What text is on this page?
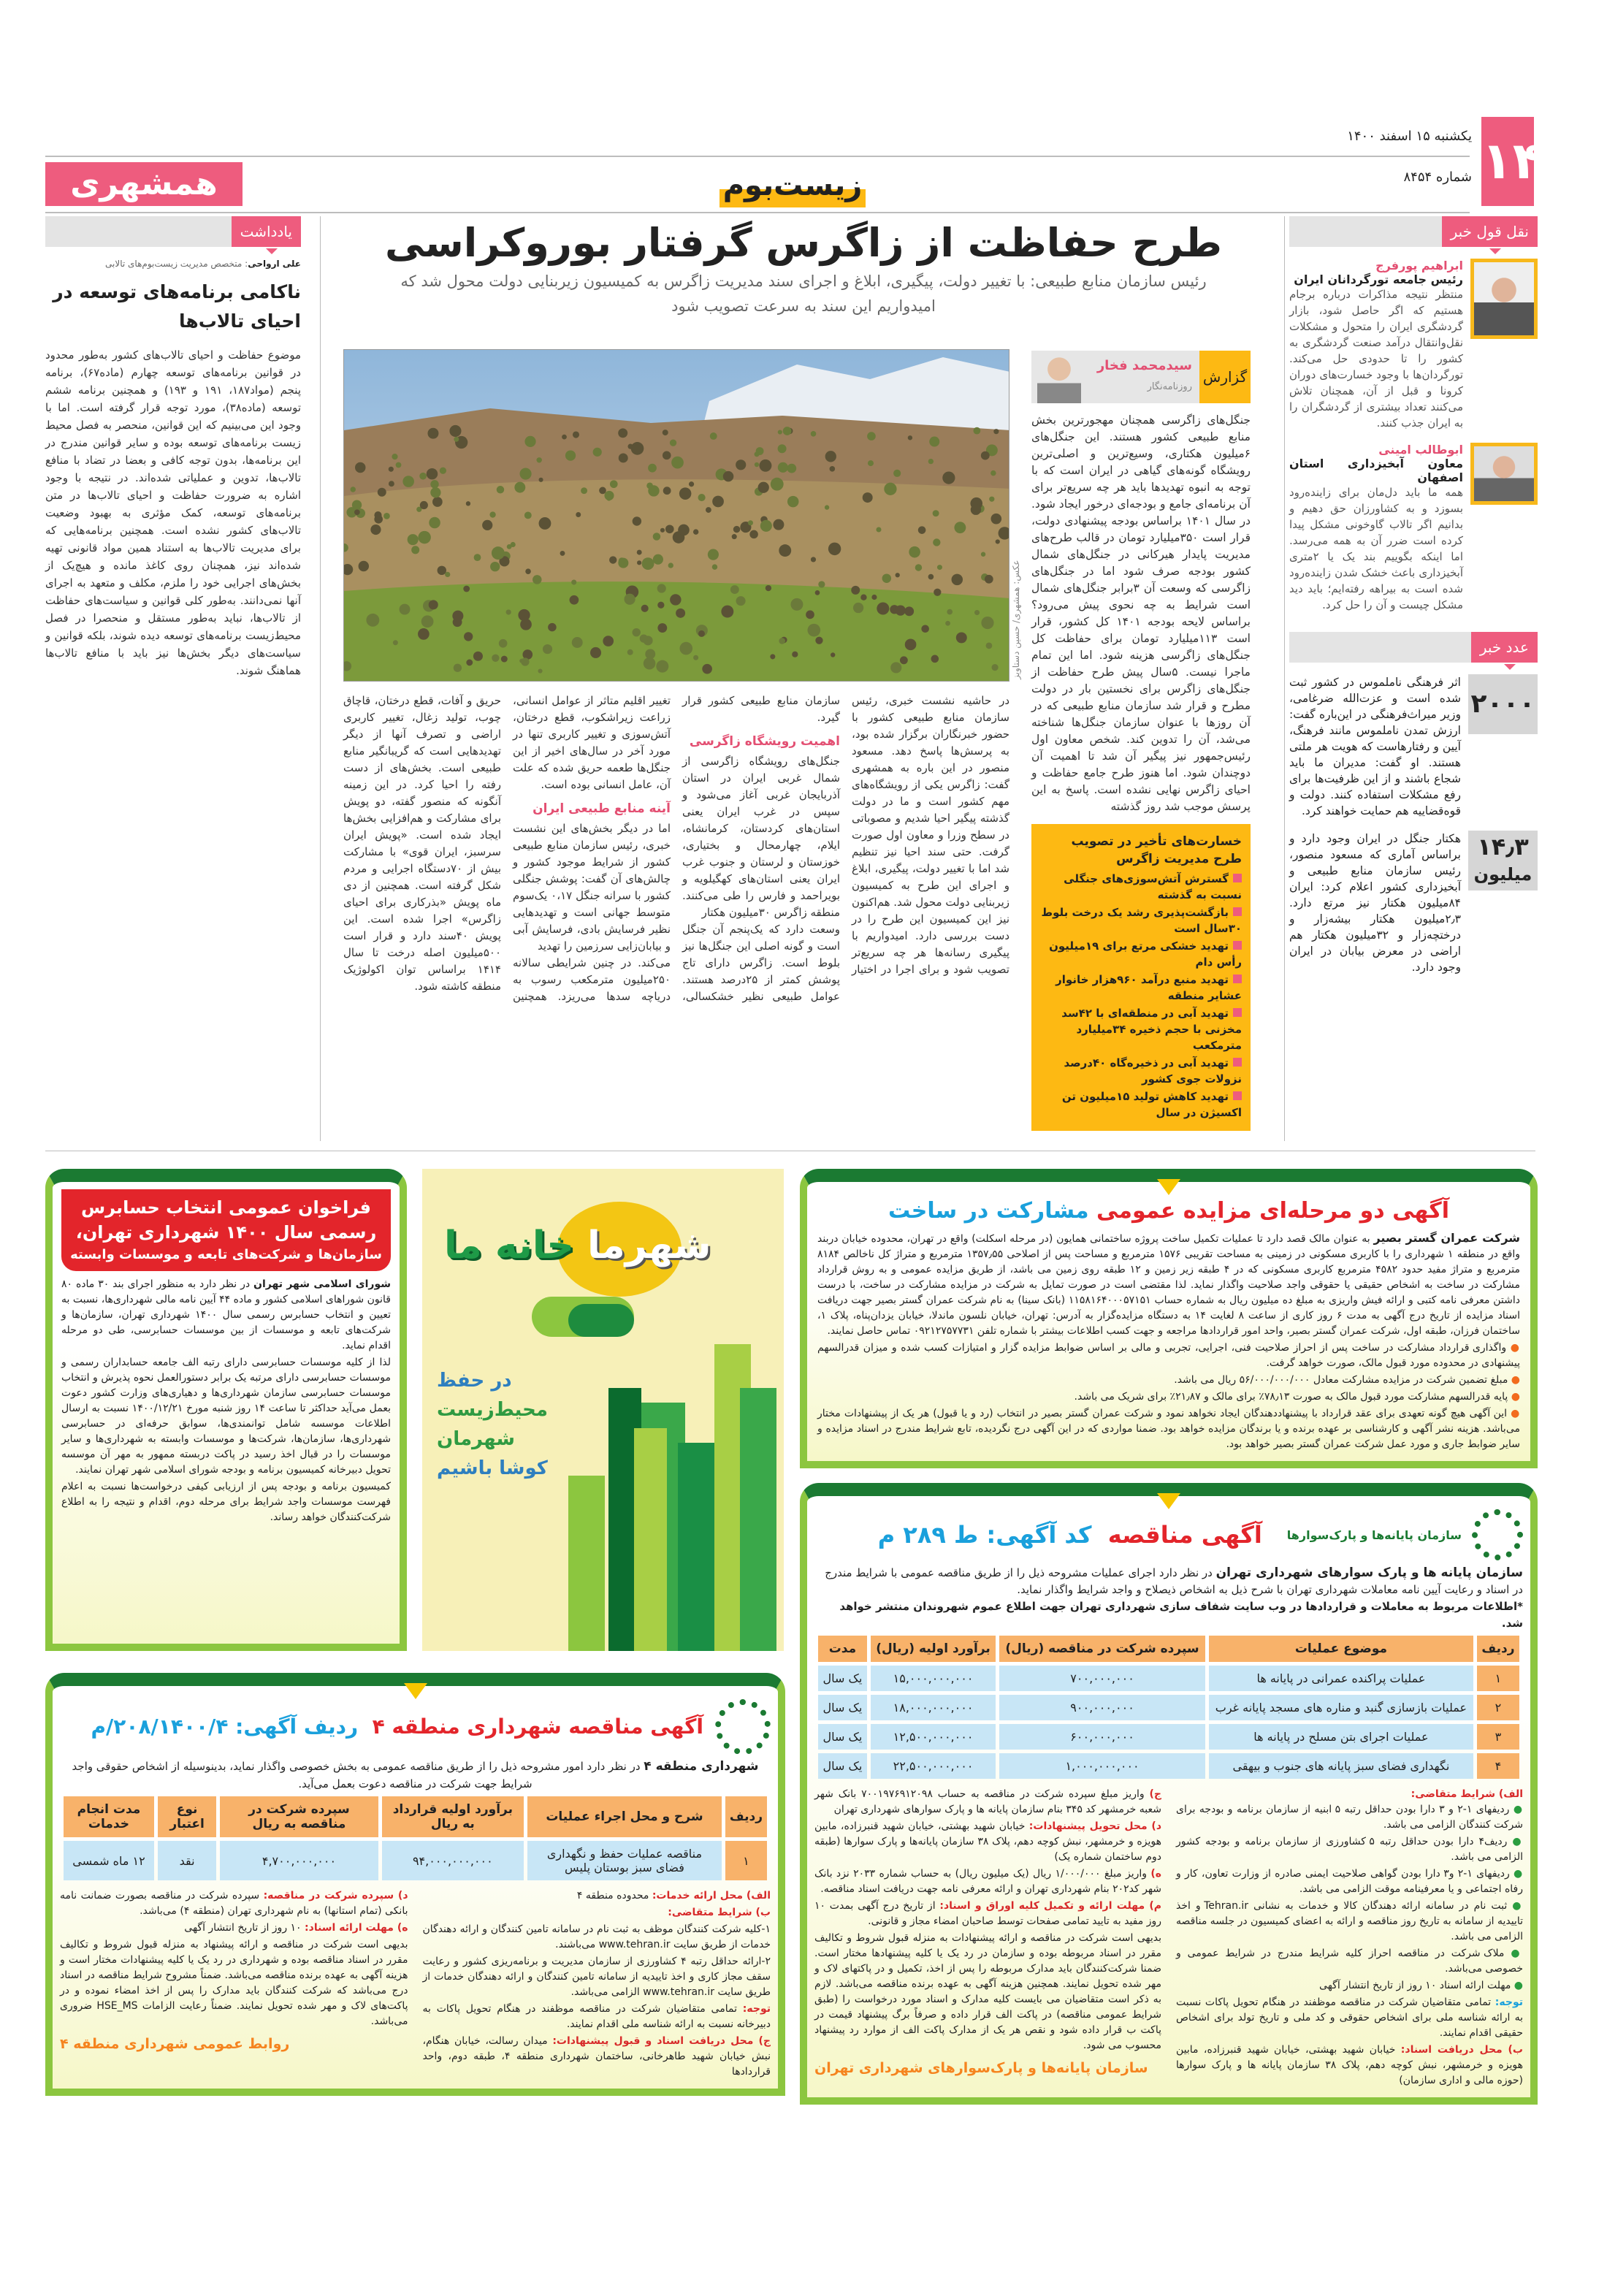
۱۴
یکشنبه ۱۵ اسفند ۱۴۰۰
شماره ۸۴۵۴
همشهری	زیست‌بوم
نقل قول خبر
ابراهیم پورفرج
رئیس جامعه تورگردانان ایران
منتظر نتیجه مذاکرات درباره برجام هستیم که اگر حاصل شود، بازار گردشگری ایران را متحول و مشکلات نقل‌وانتقال درآمد صنعت گردشگری به کشور را تا حدودی حل می‌کند. تورگردان‌ها با وجود خسارت‌های دوران کرونا و قبل از آن، همچنان تلاش می‌کنند تعداد بیشتری از گردشگران را به ایران جذب کنند.
ابوطالب امینی
معاون آبخیزداری استان اصفهان
همه ما باید دل‌مان برای زاینده‌رود بسوزد و به کشاورزان حق دهیم و بدانیم اگر تالاب گاوخونی مشکل پیدا کرده است ضرر آن به همه می‌رسد. اما اینکه بگوییم بند یک یا ۲متری آبخیزداری باعث خشک شدن زاینده‌رود شده است به بیراهه رفته‌ایم؛ باید دید مشکل چیست و آن را حل کرد.
عدد خبر
۲۰۰۰
اثر فرهنگی ناملموس در کشور ثبت شده است و عزت‌الله ضرغامی، وزیر میراث‌فرهنگی در این‌باره گفت: ارزش تمدن ناملموس مانند فرهنگ، آیین و رفتارهاست که هویت هر ملتی هستند. او گفت: مدیران ما باید شجاع باشند و از این ظرفیت‌ها برای رفع مشکلات استفاده کنند. دولت و قوه‌قضاییه هم حمایت خواهند کرد.
۱۴٫۳
میلیون
هکتار جنگل در ایران وجود دارد و براساس آماری که مسعود منصور، رئیس سازمان منابع طبیعی و آبخیزداری کشور اعلام کرد: ایران ۸۴میلیون هکتار نیز مرتع دارد. ۲٫۳میلیون هکتار بیشه‌زار و درختچه‌زار و ۳۲میلیون هکتار هم اراضی در معرض بیابان در ایران وجود دارد.
طرح حفاظت از زاگرس گرفتار بوروکراسی
رئیس سازمان منابع طبیعی: با تغییر دولت، پیگیری، ابلاغ و اجرای سند مدیریت زاگرس به کمیسیون زیربنایی دولت محول شد که امیدواریم این سند به سرعت تصویب شود
عکس: همشهری/ حسین دستاویز
گزارش
سیدمحمد فخار
روزنامه‌نگار
جنگل‌های زاگرسی همچنان مهجورترین بخش منابع طبیعی کشور هستند. این جنگل‌های ۶میلیون هکتاری، وسیع‌ترین و اصلی‌ترین رویشگاه گونه‌های گیاهی در ایران است که با توجه به انبوه تهدیدها باید هر چه سریع‌تر برای آن برنامه‌ای جامع و بودجه‌ای درخور ایجاد شود. در سال ۱۴۰۱ براساس بودجه پیشنهادی دولت، قرار است ۳۵۰میلیارد تومان در قالب طرح‌های مدیریت پایدار هیرکانی در جنگل‌های شمال کشور بودجه صرف شود اما در جنگل‌های زاگرسی که وسعت آن ۳برابر جنگل‌های شمال است شرایط به چه نحوی پیش می‌رود؟ براساس لایحه بودجه ۱۴۰۱ کل کشور، قرار است ۱۱۳میلیارد تومان برای حفاظت کل جنگل‌های زاگرسی هزینه شود. اما این تمام ماجرا نیست. ۵سال پیش طرح حفاظت از جنگل‌های زاگرس برای نخستین بار در دولت مطرح و قرار شد سازمان منابع طبیعی که در آن روزها با عنوان سازمان جنگل‌ها شناخته می‌شد، آن را تدوین کند. شخص معاون اول رئیس‌جمهور نیز پیگیر آن شد تا اهمیت آن دوچندان شود. اما هنوز طرح جامع حفاظت و احیای زاگرس نهایی نشده است. پاسخ به این پرسش موجب شد روز گذشته
خسارت‌های تأخیر در تصویب طرح مدیریت زاگرس
گسترش آتش‌سوزی‌های جنگلی نسبت به گذشته
بازگشت‌پذیری رشد یک درخت بلوط ۳۰سال است
تهدید خشکی مرتع برای ۱۹میلیون رأس دام
تهدید منبع درآمد ۹۶۰هزار خانوار عشایر منطقه
تهدید آبی در منطقه‌ای با ۴۲سد مخزنی با حجم ذخیره ۳۴میلیارد مترمکعب
تهدید آبی در ذخیره‌گاه ۴۰درصد نزولات جوی کشور
تهدید کاهش تولید ۱۵میلیون تن اکسیژن در سال
در حاشیه نشست خبری، رئیس سازمان منابع طبیعی کشور با حضور خبرنگاران برگزار شده بود، به پرسش‌ها پاسخ دهد. مسعود منصور در این باره به همشهری گفت: زاگرس یکی از رویشگاه‌های مهم کشور است و ما در دولت گذشته پیگیر احیا شدیم و مصوباتی در سطح وزرا و معاون اول صورت گرفت. حتی سند احیا نیز تنظیم شد اما با تغییر دولت، پیگیری، ابلاغ و اجرای این طرح به کمیسیون زیربنایی دولت محول شد. هم‌اکنون نیز این کمیسیون این طرح را در دست بررسی دارد. امیدواریم با پیگیری رسانه‌ها هر چه سریع‌تر تصویب شود و برای اجرا در اختیار سازمان منابع طبیعی کشور قرار گیرد.
اهمیت رویشگاه زاگرسی
جنگل‌های رویشگاه زاگرسی از شمال غربی ایران در استان آذربایجان غربی آغاز می‌شود و سپس در غرب ایران یعنی استان‌های کردستان، کرمانشاه، ایلام، چهارمحال و بختیاری، خوزستان و لرستان و جنوب غرب ایران یعنی استان‌های کهگیلویه و بویراحمد و فارس را طی می‌کنند. منطقه زاگرس ۳۰میلیون هکتار
وسعت دارد که یک‌پنجم آن جنگل است و گونه اصلی این جنگل‌ها نیز بلوط است. زاگرس دارای تاج پوشش کمتر از ۲۵درصد هستند. عوامل طبیعی نظیر خشکسالی، تغییر اقلیم متاثر از عوامل انسانی، زراعت زیراشکوب، قطع درختان، آتش‌سوزی و تغییر کاربری تنها در مورد آخر در سال‌های اخیر از این جنگل‌ها طعمه حریق شده که علت آن، عامل انسانی بوده است.
آینه منابع طبیعی ایران
اما در دیگر بخش‌های این نشست خبری، رئیس سازمان منابع طبیعی کشور از شرایط موجود کشور و چالش‌های آن گفت: پوشش جنگلی کشور با سرانه جنگل ۰،۱۷ یک‌سوم متوسط جهانی است و تهدیدهایی نظیر فرسایش بادی، فرسایش آبی و بیابان‌زایی سرزمین را تهدید
می‌کند. در چنین شرایطی سالانه ۲۵۰میلیون مترمکعب رسوب به دریاچه سدها می‌ریزد. همچنین حریق و آفات، قطع درختان، قاچاق چوب، تولید زغال، تغییر کاربری اراضی و تصرف آنها از دیگر تهدیدهایی است که گریبانگیر منابع طبیعی است. بخش‌های از دست رفته را احیا کرد. در این زمینه آنگونه که منصور گفته، دو پویش برای مشارکت و هم‌افزایی بخش‌ها ایجاد شده است. «پویش ایران سرسبز، ایران قوی» با مشارکت بیش از ۷۰دستگاه اجرایی و مردم شکل گرفته است. همچنین از دی ماه پویش «بذرکاری برای احیای زاگرس» اجرا شده است. این پویش ۴۰سند دارد و قرار است ۵۰۰میلیون اصله درخت تا سال ۱۴۱۴ براساس توان اکولوژیک منطقه کاشته شود.
یادداشت
علی ارواحی: متخصص مدیریت زیست‌بوم‌های تالابی
ناکامی برنامه‌های توسعه در احیای تالاب‌ها
موضوع حفاظت و احیای تالاب‌های کشور به‌طور محدود در قوانین برنامه‌های توسعه چهارم (ماده۶۷)، برنامه پنجم (مواد۱۸۷، ۱۹۱ و ۱۹۳) و همچنین برنامه ششم توسعه (ماده۳۸)، مورد توجه قرار گرفته است. اما با وجود این می‌بینیم که این قوانین، منحصر به فصل محیط زیست برنامه‌های توسعه بوده و سایر قوانین مندرج در این برنامه‌ها، بدون توجه کافی و بعضا در تضاد با منافع تالاب‌ها، تدوین و عملیاتی شده‌اند. در نتیجه با وجود اشاره به ضرورت حفاظت و احیای تالاب‌ها در متن برنامه‌های توسعه، کمک مؤثری به بهبود وضعیت تالاب‌های کشور نشده است. همچنین برنامه‌هایی که برای مدیریت تالاب‌ها به استناد همین مواد قانونی تهیه شده‌اند نیز، همچنان روی کاغذ مانده و هیچ‌یک از بخش‌های اجرایی خود را ملزم، مکلف و متعهد به اجرای آنها نمی‌دانند. به‌طور کلی قوانین و سیاست‌های حفاظت از تالاب‌ها، نباید به‌طور مستقل و منحصرا در فصل محیط‌زیست برنامه‌های توسعه دیده شوند، بلکه قوانین و سیاست‌های دیگر بخش‌ها نیز باید با منافع تالاب‌ها هماهنگ شوند.
فراخوان عمومی انتخاب حسابرس
رسمی سال ۱۴۰۰ شهرداری تهران،
سازمان‌ها و شرکت‌های تابعه و موسسات وابسته

شورای اسلامی شهر تهران در نظر دارد به منظور اجرای بند ۳۰ ماده ۸۰ قانون شوراهای اسلامی کشور و ماده ۴۴ آیین نامه مالی شهرداری‌ها، نسبت به تعیین و انتخاب حسابرس رسمی سال ۱۴۰۰ شهرداری تهران، سازمان‌ها و شرکت‌های تابعه و موسسات از بین موسسات حسابرسی، طی دو مرحله اقدام نماید.

لذا از کلیه موسسات حسابرسی دارای رتبه الف جامعه حسابداران رسمی و موسسات حسابرسی دارای مرتبه یک برابر دستورالعمل نحوه پذیرش و انتخاب موسسات حسابرسی سازمان شهرداری‌ها و دهیاری‌های وزارت کشور دعوت بعمل می‌آید حداکثر تا ساعت ۱۴ روز شنبه مورخ ۱۴۰۰/۱۲/۲۱ نسبت به ارسال اطلاعات موسسه شامل توانمندی‌ها، سوابق حرفه‌ای در حسابرسی شهرداری‌ها، سازمان‌ها، شرکت‌ها و موسسات وابسته به شهرداری‌ها و سایر موسسات را در قبال اخذ رسید در پاکت دربسته ممهور به مهر آن موسسه تحویل دبیرخانه کمیسیون برنامه و بودجه شورای اسلامی شهر تهران نمایند.

کمیسیون برنامه و بودجه پس از ارزیابی کیفی درخواست‌ها نسبت به اعلام فهرست موسسات واجد شرایط برای مرحله دوم، اقدام و نتیجه را به اطلاع شرکت‌کنندگان خواهد رساند.

شهرما خانه ما
در حفظ
محیط‌زیست
شهرمان
کوشا باشیم
آگهی دو مرحله‌ای مزایده عمومی مشارکت در ساخت

شرکت عمران گستر بصیر به عنوان مالک قصد دارد تا عملیات تکمیل ساخت پروژه ساختمانی همایون (در مرحله اسکلت) واقع در تهران، محدوده خیابان دربند واقع در منطقه ۱ شهرداری را با کاربری مسکونی در زمینی به مساحت تقریبی ۱۵۷۶ مترمربع و مساحت پس از اصلاحی ۱۳۵۷٫۵۵ مترمربع و متراژ کل ناخالص ۸۱۸۴ مترمربع و متراژ مفید حدود ۴۵۸۲ مترمربع کاربری مسکونی که در ۴ طبقه زیر زمین و ۱۲ طبقه روی زمین می باشد، از طریق مزایده عمومی و به روش قرارداد مشارکت در ساخت به اشخاص حقیقی یا حقوقی واجد صلاحیت واگذار نماید. لذا مقتضی است در صورت تمایل به شرکت در مزایده مشارکت در ساخت، با درست داشتن معرفی نامه کتبی و ارائه فیش واریزی به مبلغ ده میلیون ریال به شماره حساب ۱۱۵۸۱۶۴۰۰۰۵۷۱۵۱ (بانک سینا) به نام شرکت عمران گستر بصیر جهت دریافت اسناد مزایده از تاریخ درج آگهی به مدت ۶ روز کاری از ساعت ۸ لغایت ۱۴ به دستگاه مزایده‌گزار به آدرس: تهران، خیابان نلسون ماندلا، خیابان یزدان‌پناه، پلاک ۱، ساختمان فرزان، طبقه اول، شرکت عمران گستر بصیر، واحد امور قراردادها مراجعه و جهت کسب اطلاعات بیشتر با شماره تلفن ۰۹۲۱۲۷۵۷۷۳۱ تماس حاصل نمایند.

● واگذاری قرارداد مشارکت در ساخت پس از احراز صلاحیت فنی، اجرایی، تجربی و مالی بر اساس ضوابط مزایده گزار و امتیازات کسب شده و میزان قدرالسهم پیشنهادی در محدوده مورد قبول مالک، صورت خواهد گرفت.

● مبلغ تضمین شرکت در مزایده مشارکت معادل ۵۶/۰۰۰/۰۰۰/۰۰۰ ریال می باشد.

● پایه قدرالسهم مشارکت مورد قبول مالک به صورت ۷۸٫۱۳٪ برای مالک و ۲۱٫۸۷٪ برای شریک می باشد.

● این آگهی هیچ گونه تعهدی برای عقد قرارداد با پیشنهاددهندگان ایجاد نخواهد نمود و شرکت عمران گستر بصیر در انتخاب (رد و یا قبول) هر یک از پیشنهادات مختار می‌باشد. هزینه نشر آگهی و کارشناسی بر عهده برنده و یا برندگان مزایده خواهد بود. ضمنا مواردی که در این آگهی درج نگردیده، تابع شرایط مندرج در اسناد مزایده و سایر ضوابط جاری و مورد عمل شرکت عمران گستر بصیر خواهد بود.

سازمان پایانه‌ها و پارک‌سوارها
آگهی مناقصه  کد آگهی: ط ۲۸۹ م
سازمان پایانه ها و پارک سوارهای شهرداری تهران در نظر دارد اجرای عملیات مشروحه ذیل را از طریق مناقصه عمومی با شرایط مندرج در اسناد و رعایت آیین نامه معاملات شهرداری تهران با شرح ذیل به اشخاص ذیصلاح و واجد شرایط واگذار نماید.
*اطلاعات مربوط به معاملات و قراردادها در وب سایت شفاف سازی شهرداری تهران جهت اطلاع عموم شهروندان منتشر خواهد شد.
ردیف	موضوع عملیات	سپرده شرکت در مناقصه (ریال)	برآورد اولیه (ریال)	مدت
۱	عملیات پراکنده عمرانی در پایانه ها	۷۰۰,۰۰۰,۰۰۰	۱۵,۰۰۰,۰۰۰,۰۰۰	یک سال
۲	عملیات بازسازی گنبد و مناره های مسجد پایانه غرب	۹۰۰,۰۰۰,۰۰۰	۱۸,۰۰۰,۰۰۰,۰۰۰	یک سال
۳	عملیات اجرای بتن مسلح در پایانه ها	۶۰۰,۰۰۰,۰۰۰	۱۲,۵۰۰,۰۰۰,۰۰۰	یک سال
۴	نگهداری فضای سبز پایانه های جنوب و بیهقی	۱,۰۰۰,۰۰۰,۰۰۰	۲۲,۵۰۰,۰۰۰,۰۰۰	یک سال
الف) شرایط متقاضی:

● ردیفهای ۱-۲ و ۳ دارا بودن حداقل رتبه ۵ ابنیه از سازمان برنامه و بودجه برای شرکت کنندگان الزامی می باشد.

● ردیف۴ دارا بودن حداقل رتبه ۵ کشاورزی از سازمان برنامه و بودجه کشور الزامی می باشد.

● ردیفهای ۱-۲ و۳ دارا بودن گواهی صلاحیت ایمنی صادره از وزارت تعاون، کار و رفاه اجتماعی و یا معرفینامه موقت الزامی می باشد.

● ثبت نام در سامانه ارائه دهندگان کالا و خدمات به نشانی Tehran.ir و اخذ تاییدیه از سامانه به تاریخ روز مناقصه و ارائه به اعضای کمیسیون در جلسه مناقصه الزامی می باشد.

● ملاک شرکت در مناقصه احراز کلیه شرایط مندرج در شرایط عمومی و خصوصی می‌باشد.

● مهلت ارائه اسناد ۱۰ روز از تاریخ انتشار آگهی

توجه: تمامی متقاضیان شرکت در مناقصه موظفند در هنگام تحویل پاکات نسبت به ارائه شناسه ملی برای اشخاص حقوقی و کد ملی و تاریخ تولد برای اشخاص حقیقی اقدام نمایند.

ب) محل دریافت اسناد: خیابان شهید بهشتی، خیابان شهید قنبرزاده، مابین هویزه و خرمشهر، نبش کوچه دهم، پلاک ۳۸ سازمان پایانه ها و پارک سوارها (حوزه مالی و اداری سازمان)

ج) واریز مبلغ سپرده شرکت در مناقصه به حساب ۷۰۰۱۹۷۶۹۱۲۰۹۸ بانک شهر شعبه خرمشهر کد ۳۴۵ بنام سازمان پایانه ها و پارک سوارهای شهرداری تهران

د) محل تحویل پیشنهادات: خیابان شهید بهشتی، خیابان شهید قنبرزاده، مابین هویزه و خرمشهر، نبش کوچه دهم، پلاک ۳۸ سازمان پایانه‌ها و پارک سوارها (طبقه دوم ساختمان شماره یک)

ه) واریز مبلغ ۱/۰۰۰/۰۰۰ ریال (یک میلیون ریال) به حساب شماره ۲۰۳۳ نزد بانک شهر کد۲۰۲ بنام شهرداری تهران و ارائه معرفی نامه جهت دریافت اسناد مناقصه.

م) مهلت ارائه و تکمیل کلیه اوراق و اسناد: از تاریخ درج آگهی بمدت ۱۰ روز مفید به تایید تمامی صفحات توسط صاحبان امضاء مجاز و قانونی.

بدیهی است شرکت در مناقصه و ارائه پیشنهادات به منزله قبول شروط و تکالیف مقرر در اسناد مربوطه بوده و سازمان در رد یک یا کلیه پیشنهادها مختار است. ضمنا شرکت‌کنندگان باید مدارک مربوطه را پس از اخذ، تکمیل و در پاکتهای لاک و مهر شده تحویل نمایند. همچنین هزینه آگهی به عهده برنده مناقصه می‌باشد. لازم به ذکر است متقاضیان می بایست کلیه مدارک و اسناد مورد درخواست را (طبق شرایط عمومی مناقصه) در پاکت الف قرار داده و صرفاً برگ پیشنهاد قیمت در پاکت ب قرار داده شود و نقص هر یک از مدارک پاکت الف از موارد رد پیشنهاد محسوب می شود.

سازمان پایانه‌ها و پارک‌سوارهای شهرداری تهران

آگهی مناقصه شهرداری منطقه ۴  ردیف آگهی: ۲۰۸/۱۴۰۰/۴/م
شهرداری منطقه ۴ در نظر دارد امور مشروحه ذیل را از طریق مناقصه عمومی به بخش خصوصی واگذار نماید، بدینوسیله از اشخاص حقوقی واجد شرایط جهت شرکت در مناقصه دعوت بعمل می‌آید.
ردیف	شرح و محل اجراء عملیات	برآورد اولیه قرارداد به ریال	سپرده شرکت در مناقصه به ریال	نوع اعتبار	مدت انجام خدمات
۱	مناقصه عملیات حفظ و نگهداری فضای سبز بوستان پلیس	۹۴,۰۰۰,۰۰۰,۰۰۰	۴,۷۰۰,۰۰۰,۰۰۰	نقد	۱۲ ماه شمسی

الف) محل ارائه خدمات: محدوده منطقه ۴

ب) شرایط متقاضی:

۱-کلیه شرکت کنندگان موظف به ثبت نام در سامانه تامین کنندگان و ارائه دهندگان خدمات از طریق سایت www.tehran.ir می‌باشند.

۲-ارائه حداقل رتبه ۴ کشاورزی از سازمان مدیریت و برنامه‌ریزی کشور و رعایت سقف مجاز کاری و اخذ تاییدیه از سامانه تامین کنندگان و ارائه دهندگان خدمات از طریق سایت www.tehran.ir الزامی می‌باشد.

توجه: تمامی متقاضیان شرکت در مناقصه موظفند در هنگام تحویل پاکات به دبیرخانه نسبت به ارائه شناسه ملی اقدام نمایند.

ج) محل دریافت اسناد و قبول پیشنهادات: میدان رسالت، خیابان هنگام، نبش خیابان شهید طاهرخانی، ساختمان شهرداری منطقه ۴، طبقه دوم، واحد قراردادها

د) سپرده شرکت در مناقصه: سپرده شرکت در مناقصه بصورت ضمانت نامه بانکی (تمام استانها) به نام شهرداری تهران (منطقه ۴) می‌باشد.

ه) مهلت ارائه اسناد: ۱۰ روز از تاریخ انتشار آگهی

بدیهی است شرکت در مناقصه و ارائه پیشنهاد به منزله قبول شروط و تکالیف مقرر در اسناد مناقصه بوده و شهرداری در رد یک یا کلیه پیشنهادات مختار است و هزینه آگهی به عهده برنده مناقصه می‌باشد. ضمناً مشروح شرایط مناقصه در اسناد درج می‌باشد که شرکت کنندگان باید مدارک را پس از اخذ امضاء نموده و در پاکت‌های لاک و مهر شده تحویل نمایند. ضمناً رعایت الزامات HSE_MS ضروری می‌باشد.

روابط عمومی شهرداری منطقه ۴
